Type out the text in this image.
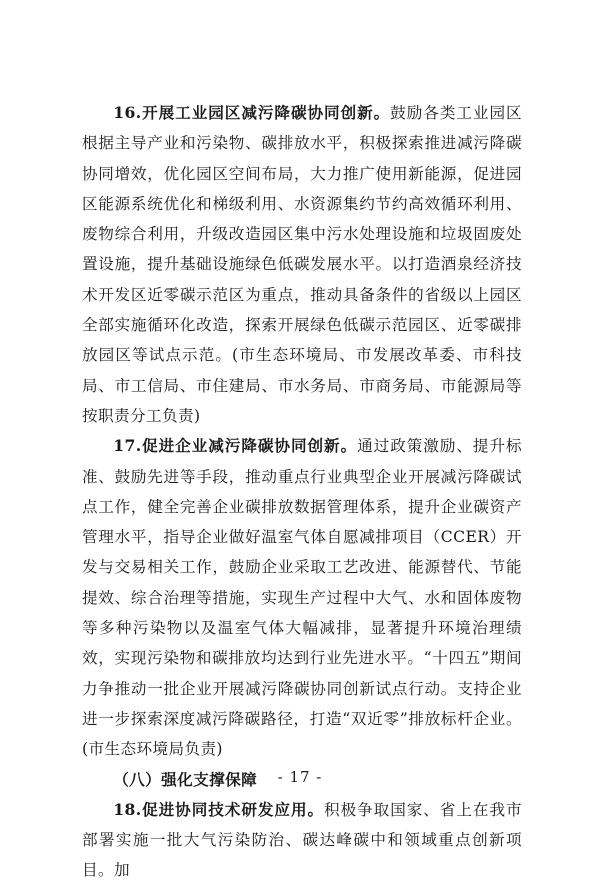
16.开展工业园区减污降碳协同创新。鼓励各类工业园区根据主导产业和污染物、碳排放水平，积极探索推进减污降碳协同增效，优化园区空间布局，大力推广使用新能源，促进园区能源系统优化和梯级利用、水资源集约节约高效循环利用、废物综合利用，升级改造园区集中污水处理设施和垃圾固废处置设施，提升基础设施绿色低碳发展水平。以打造酒泉经济技术开发区近零碳示范区为重点，推动具备条件的省级以上园区全部实施循环化改造，探索开展绿色低碳示范园区、近零碳排放园区等试点示范。(市生态环境局、市发展改革委、市科技局、市工信局、市住建局、市水务局、市商务局、市能源局等按职责分工负责)

17.促进企业减污降碳协同创新。通过政策激励、提升标准、鼓励先进等手段，推动重点行业典型企业开展减污降碳试点工作，健全完善企业碳排放数据管理体系，提升企业碳资产管理水平，指导企业做好温室气体自愿减排项目（CCER）开发与交易相关工作，鼓励企业采取工艺改进、能源替代、节能提效、综合治理等措施，实现生产过程中大气、水和固体废物等多种污染物以及温室气体大幅减排，显著提升环境治理绩效，实现污染物和碳排放均达到行业先进水平。“十四五”期间力争推动一批企业开展减污降碳协同创新试点行动。支持企业进一步探索深度减污降碳路径，打造“双近零”排放标杆企业。(市生态环境局负责)

（八）强化支撑保障

18.促进协同技术研发应用。积极争取国家、省上在我市部署实施一批大气污染防治、碳达峰碳中和领域重点创新项目。加

- 17 -
